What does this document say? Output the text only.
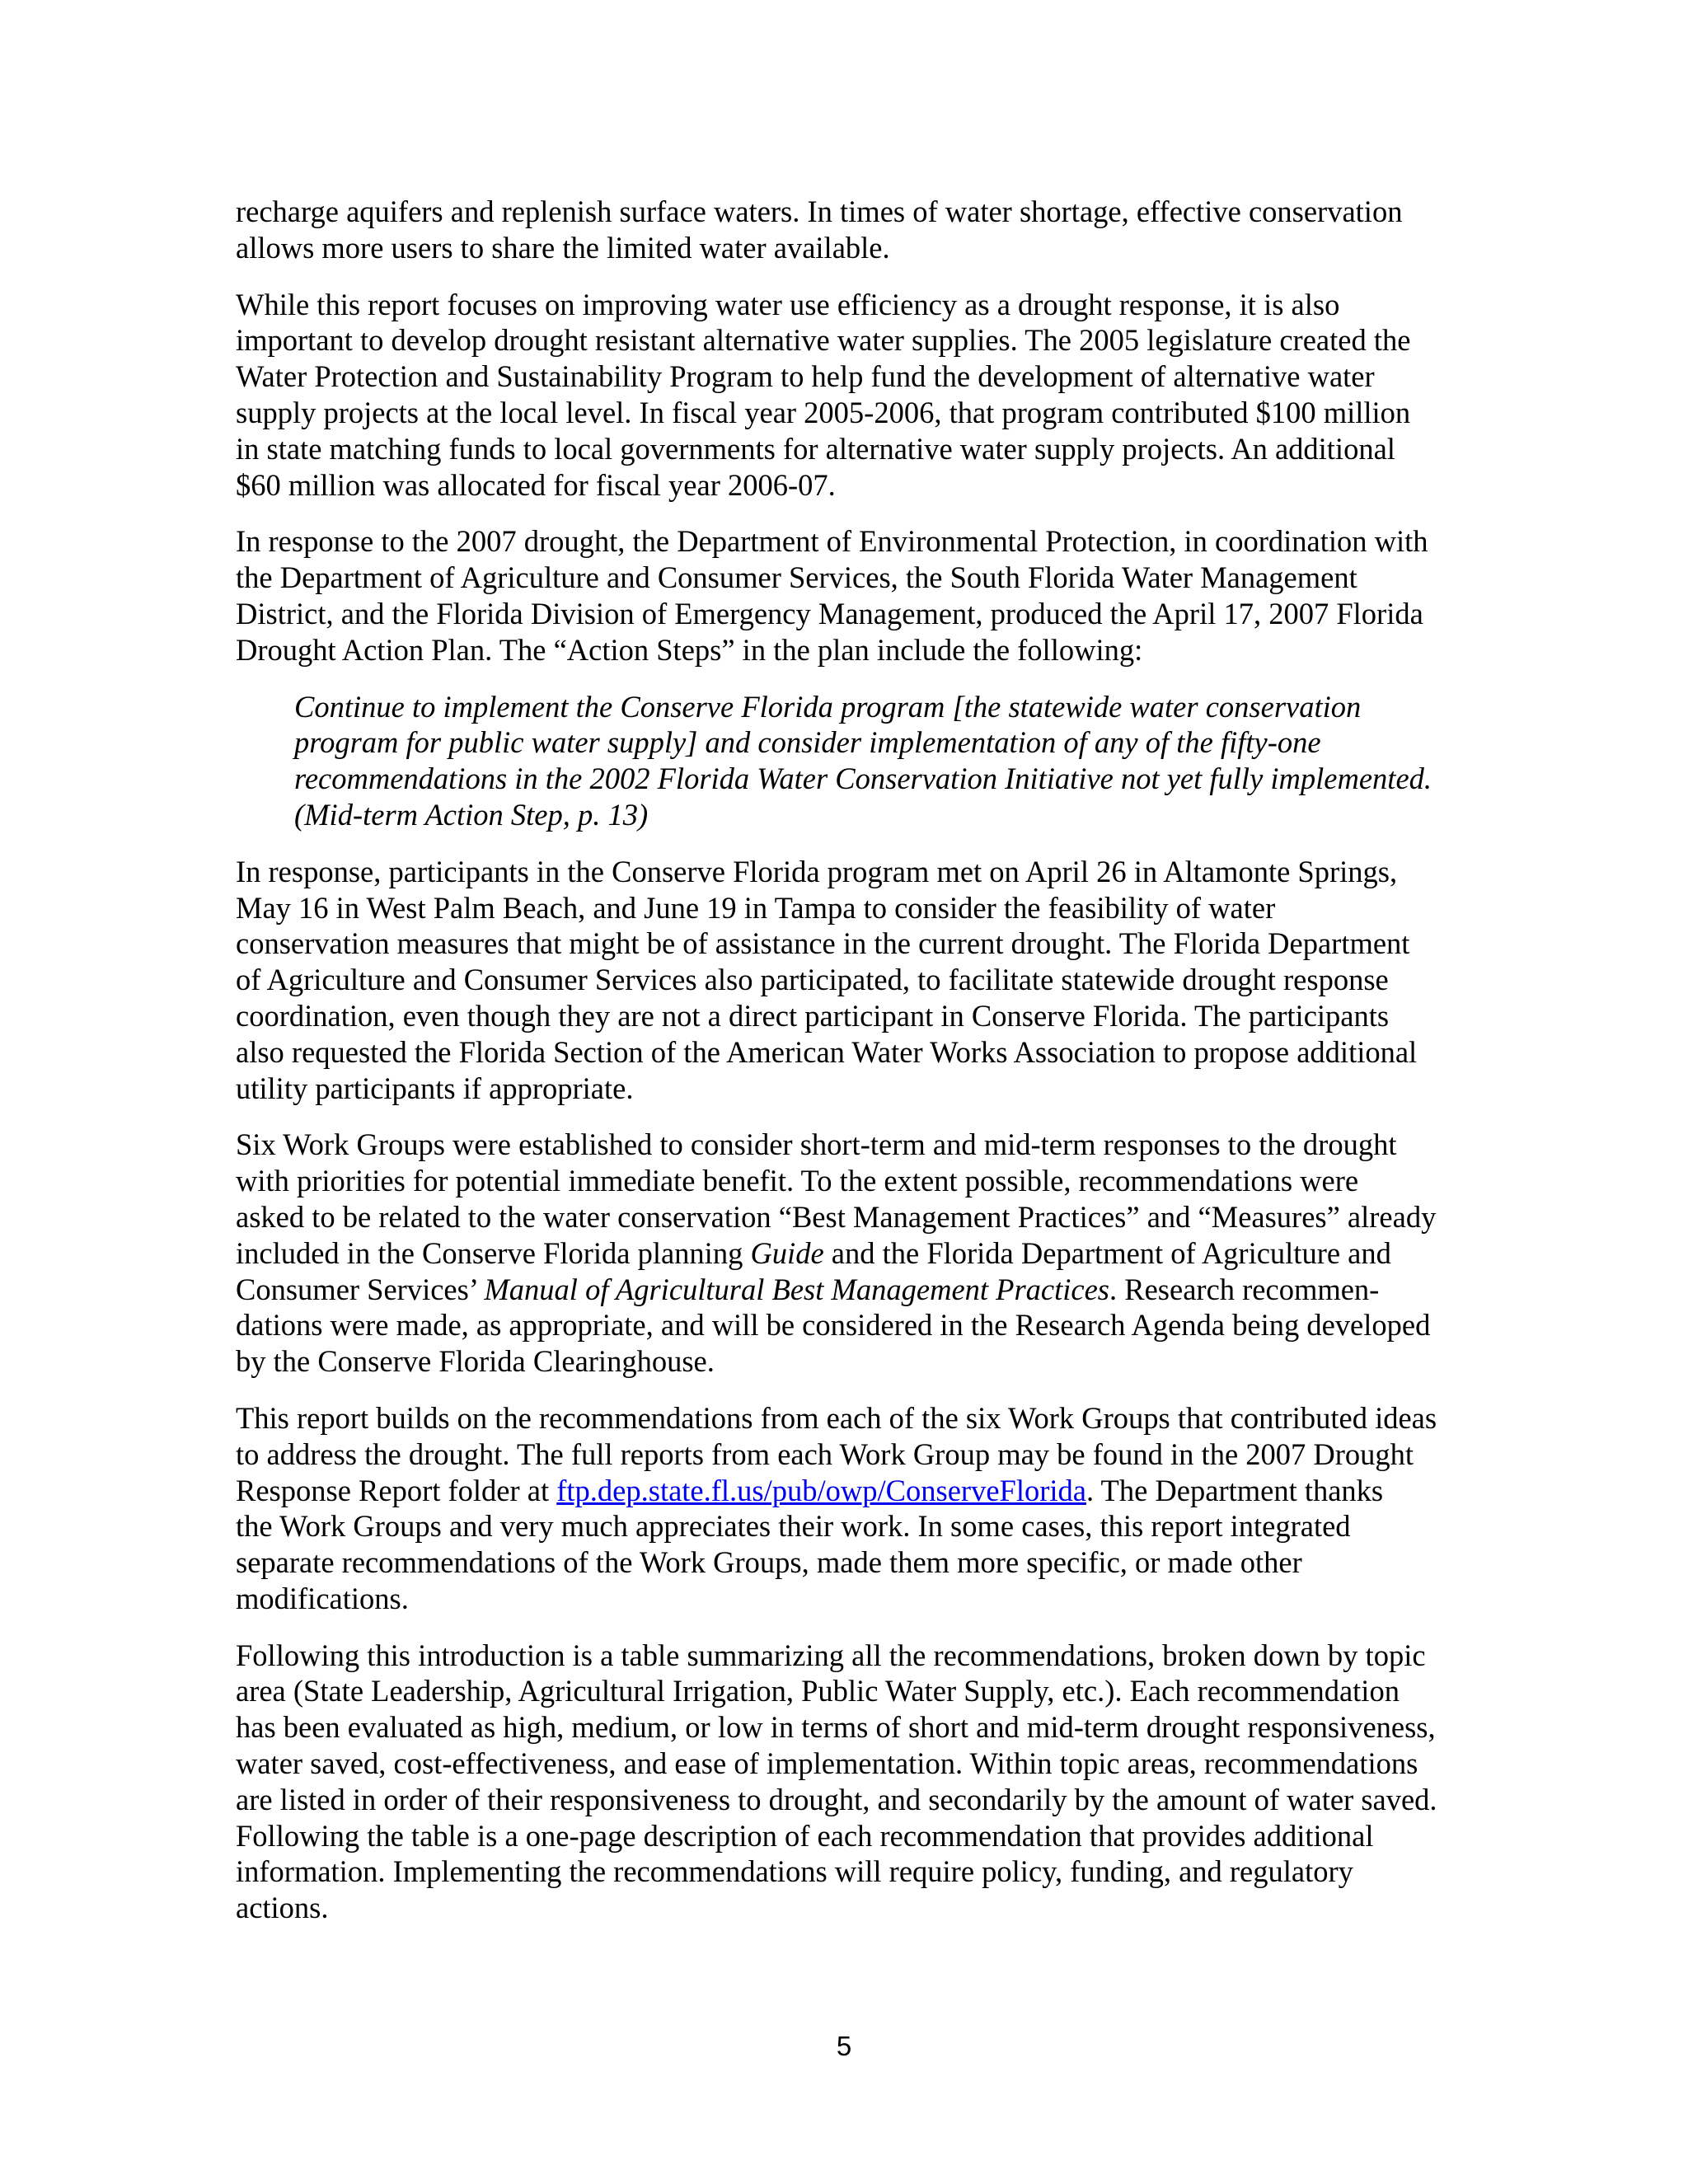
recharge aquifers and replenish surface waters. In times of water shortage, effective conservation
allows more users to share the limited water available.

While this report focuses on improving water use efficiency as a drought response, it is also
important to develop drought resistant alternative water supplies. The 2005 legislature created the
Water Protection and Sustainability Program to help fund the development of alternative water
supply projects at the local level. In fiscal year 2005-2006, that program contributed $100 million
in state matching funds to local governments for alternative water supply projects. An additional
$60 million was allocated for fiscal year 2006-07.

In response to the 2007 drought, the Department of Environmental Protection, in coordination with
the Department of Agriculture and Consumer Services, the South Florida Water Management
District, and the Florida Division of Emergency Management, produced the April 17, 2007 Florida
Drought Action Plan. The “Action Steps” in the plan include the following:

Continue to implement the Conserve Florida program [the statewide water conservation
program for public water supply] and consider implementation of any of the fifty-one
recommendations in the 2002 Florida Water Conservation Initiative not yet fully implemented.
(Mid-term Action Step, p. 13)

In response, participants in the Conserve Florida program met on April 26 in Altamonte Springs,
May 16 in West Palm Beach, and June 19 in Tampa to consider the feasibility of water
conservation measures that might be of assistance in the current drought. The Florida Department
of Agriculture and Consumer Services also participated, to facilitate statewide drought response
coordination, even though they are not a direct participant in Conserve Florida. The participants
also requested the Florida Section of the American Water Works Association to propose additional
utility participants if appropriate.

Six Work Groups were established to consider short-term and mid-term responses to the drought
with priorities for potential immediate benefit. To the extent possible, recommendations were
asked to be related to the water conservation “Best Management Practices” and “Measures” already
included in the Conserve Florida planning Guide and the Florida Department of Agriculture and
Consumer Services’ Manual of Agricultural Best Management Practices. Research recommen-
dations were made, as appropriate, and will be considered in the Research Agenda being developed
by the Conserve Florida Clearinghouse.

This report builds on the recommendations from each of the six Work Groups that contributed ideas
to address the drought. The full reports from each Work Group may be found in the 2007 Drought
Response Report folder at ftp.dep.state.fl.us/pub/owp/ConserveFlorida. The Department thanks
the Work Groups and very much appreciates their work. In some cases, this report integrated
separate recommendations of the Work Groups, made them more specific, or made other
modifications.

Following this introduction is a table summarizing all the recommendations, broken down by topic
area (State Leadership, Agricultural Irrigation, Public Water Supply, etc.). Each recommendation
has been evaluated as high, medium, or low in terms of short and mid-term drought responsiveness,
water saved, cost-effectiveness, and ease of implementation. Within topic areas, recommendations
are listed in order of their responsiveness to drought, and secondarily by the amount of water saved.
Following the table is a one-page description of each recommendation that provides additional
information. Implementing the recommendations will require policy, funding, and regulatory
actions.

5
